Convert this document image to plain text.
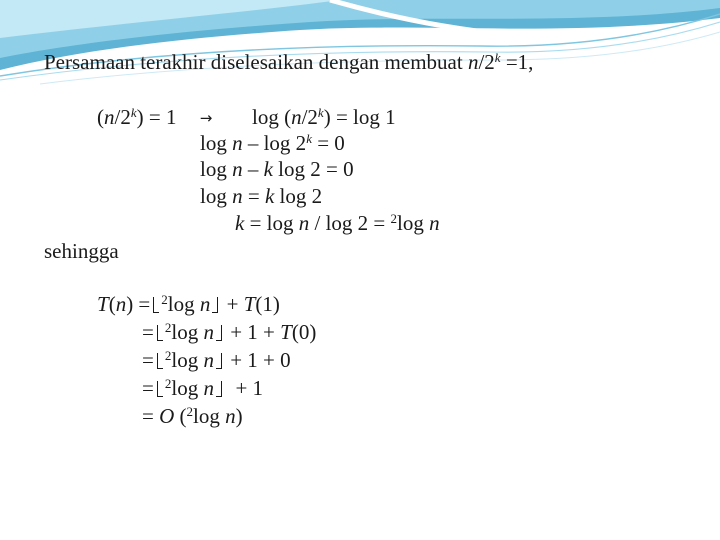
Persamaan terakhir diselesaikan dengan membuat $n/2^k =1$,
$(n/2^k) = 1 \to \log (n/2^k) = \log 1$
$\log n - \log 2^k = 0$
log n – k log 2 = 0
log n = k log 2
k = log n / log 2 = $^2$log n
sehingga
T(n) = $^2$log n + T(1)
= $^2$log n + 1 + T(0)
= $^2$log n + 1 + 0
= $^2$log n  + 1
= O ($^2$log n)
